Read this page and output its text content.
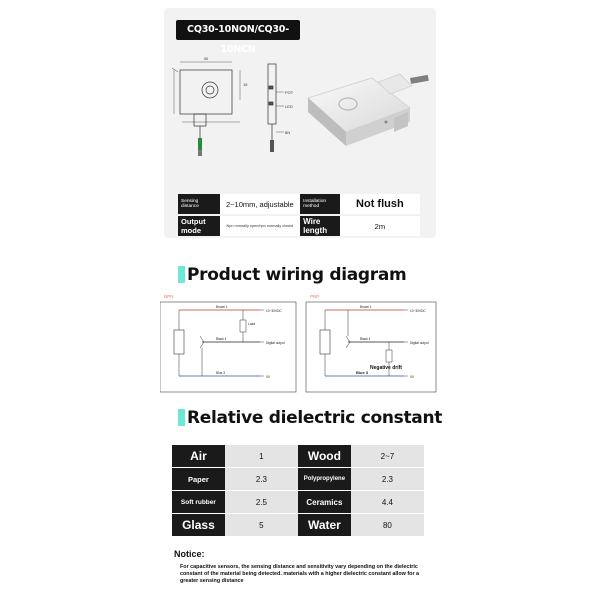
CQ30-10NON/CQ30-10NCN
30
15
POT
LED
8N
Sensing distance	2~10mm, adjustable	Installation method	Not flush
Output mode	Npn normally open/npn normally closed	Wire length	2m
Product wiring diagram
NPN
Brown 1
Black 4
Blue 3
Load
10~30VDC
Digital output
0V
PNP
Brown 1
Black 4
Blue 3
10~30VDC
Digital output
0V
Negative drift
Relative dielectric constant
Air	1	Wood	2~7
Paper	2.3	Polypropylene	2.3
Soft rubber	2.5	Ceramics	4.4
Glass	5	Water	80
Notice:
For capacitive sensors, the sensing distance and sensitivity vary depending on the dielectric constant of the material being detected. materials with a higher dielectric constant allow for a greater sensing distance
